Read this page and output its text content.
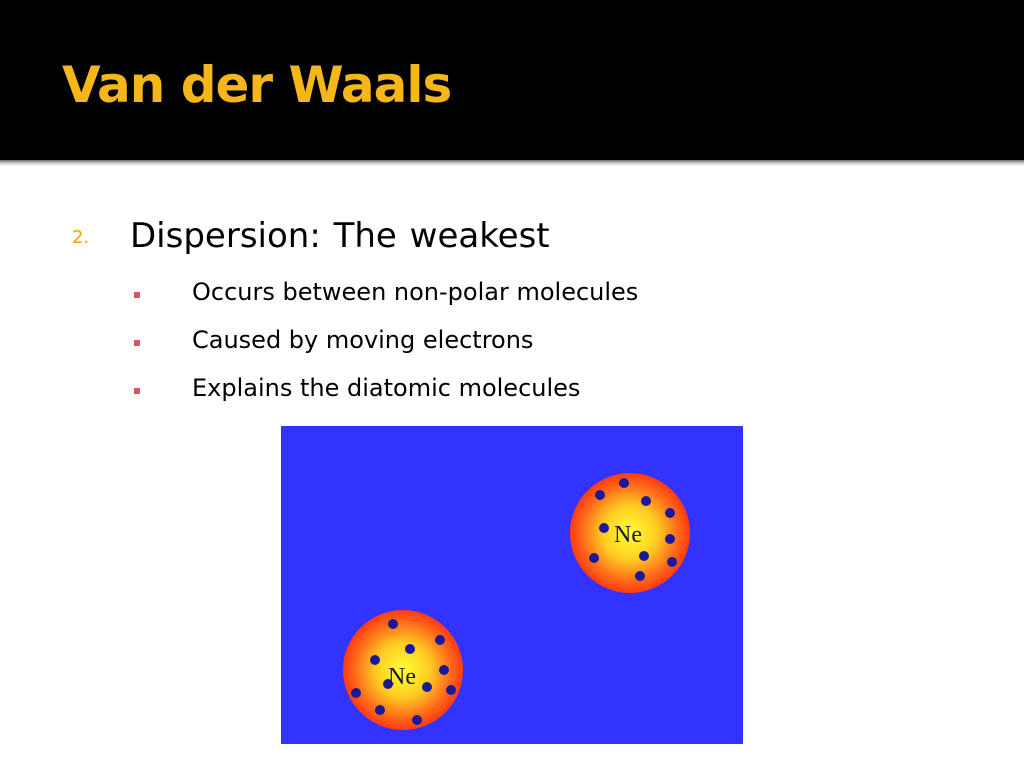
Van der Waals
2. Dispersion: The weakest
Occurs between non-polar molecules
Caused by moving electrons
Explains the diatomic molecules
Ne
Ne
